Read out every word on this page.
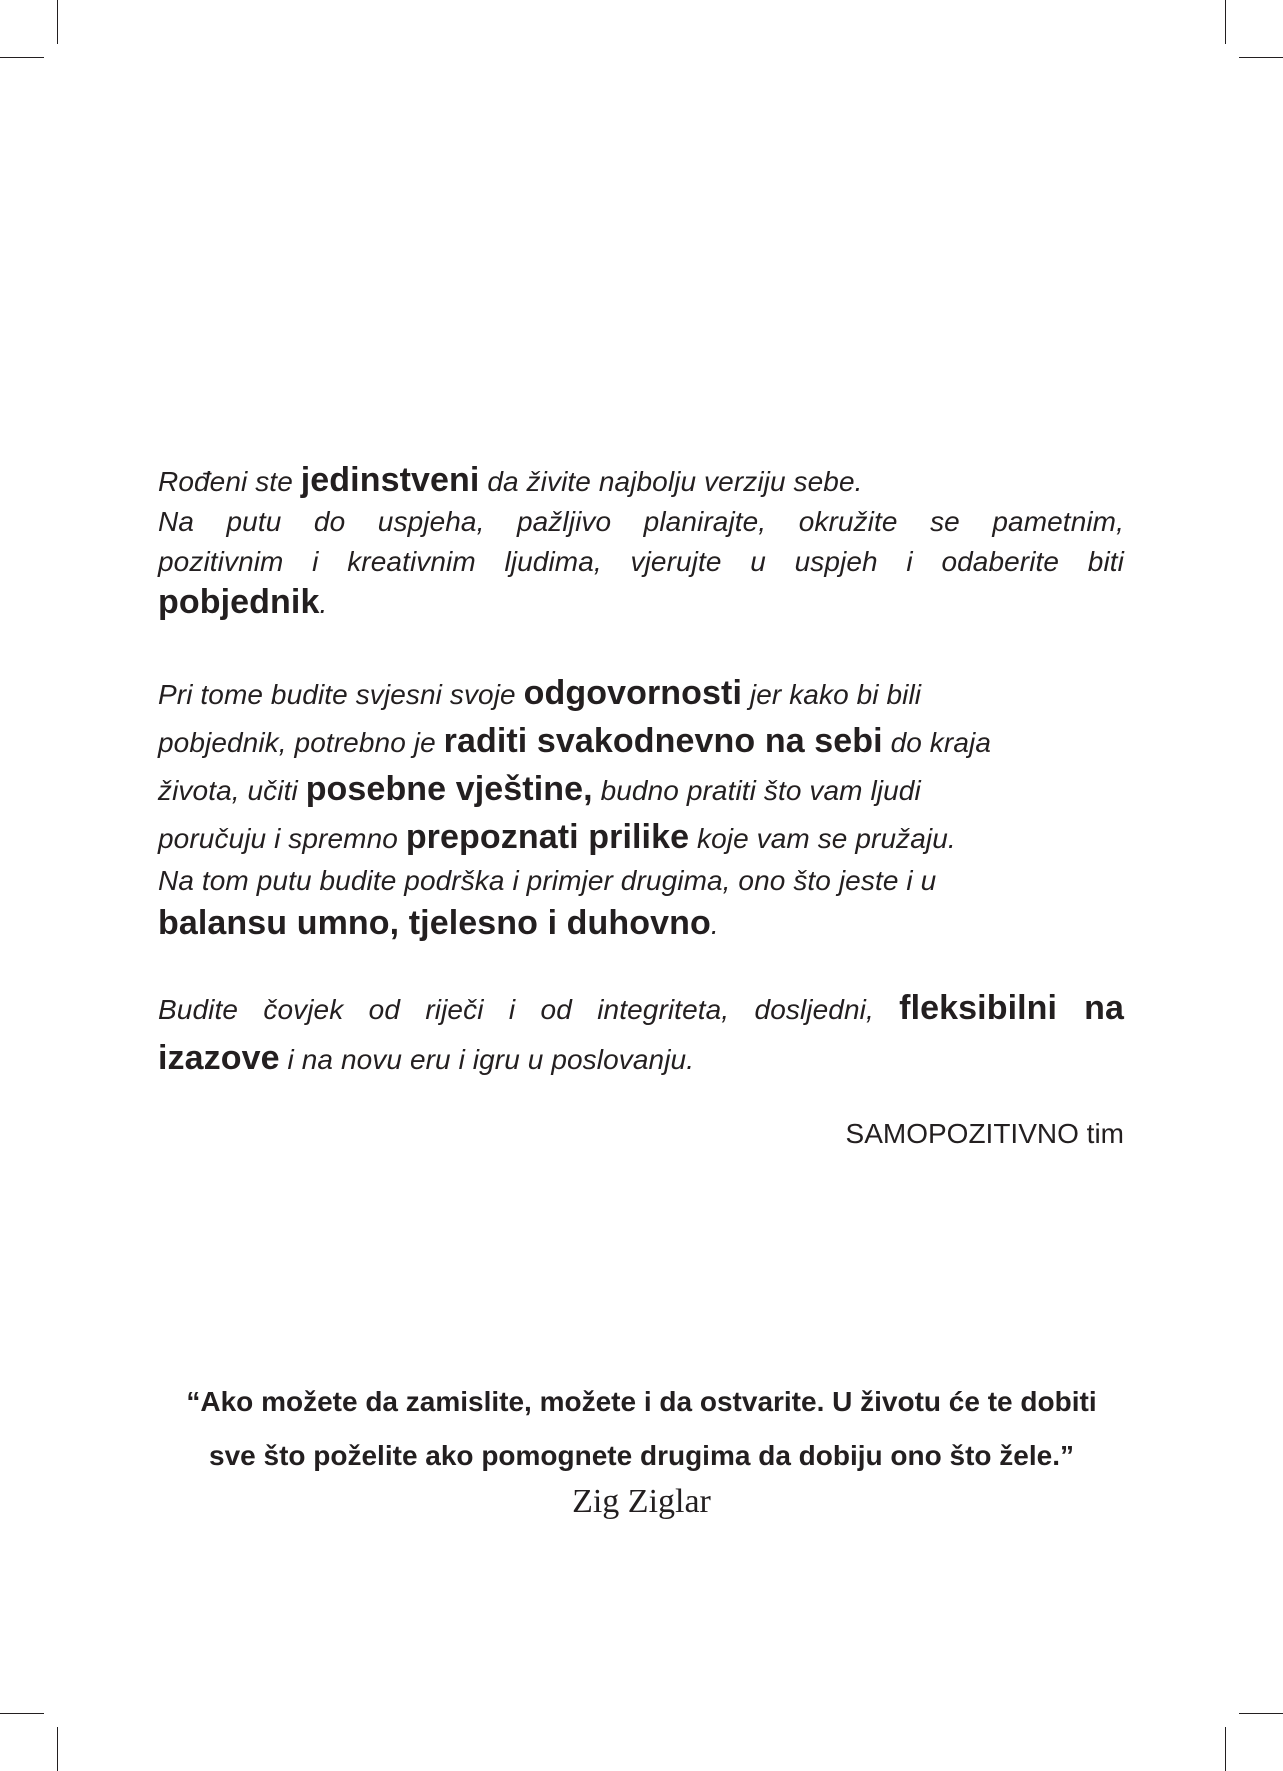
Rođeni ste jedinstveni da živite najbolju verziju sebe.
Na putu do uspjeha, pažljivo planirajte, okružite se pametnim,
pozitivnim i kreativnim ljudima, vjerujte u uspjeh i odaberite biti
pobjednik.
Pri tome budite svjesni svoje odgovornosti jer kako bi bili
pobjednik, potrebno je raditi svakodnevno na sebi do kraja
života, učiti posebne vještine, budno pratiti što vam ljudi
poručuju i spremno prepoznati prilike koje vam se pružaju.
Na tom putu budite podrška i primjer drugima, ono što jeste i u
balansu umno, tjelesno i duhovno.
Budite čovjek od riječi i od integriteta, dosljedni, fleksibilni na
izazove i na novu eru i igru u poslovanju.
SAMOPOZITIVNO tim
“Ako možete da zamislite, možete i da ostvarite. U životu će te dobiti
sve što poželite ako pomognete drugima da dobiju ono što žele.”
Zig Ziglar
